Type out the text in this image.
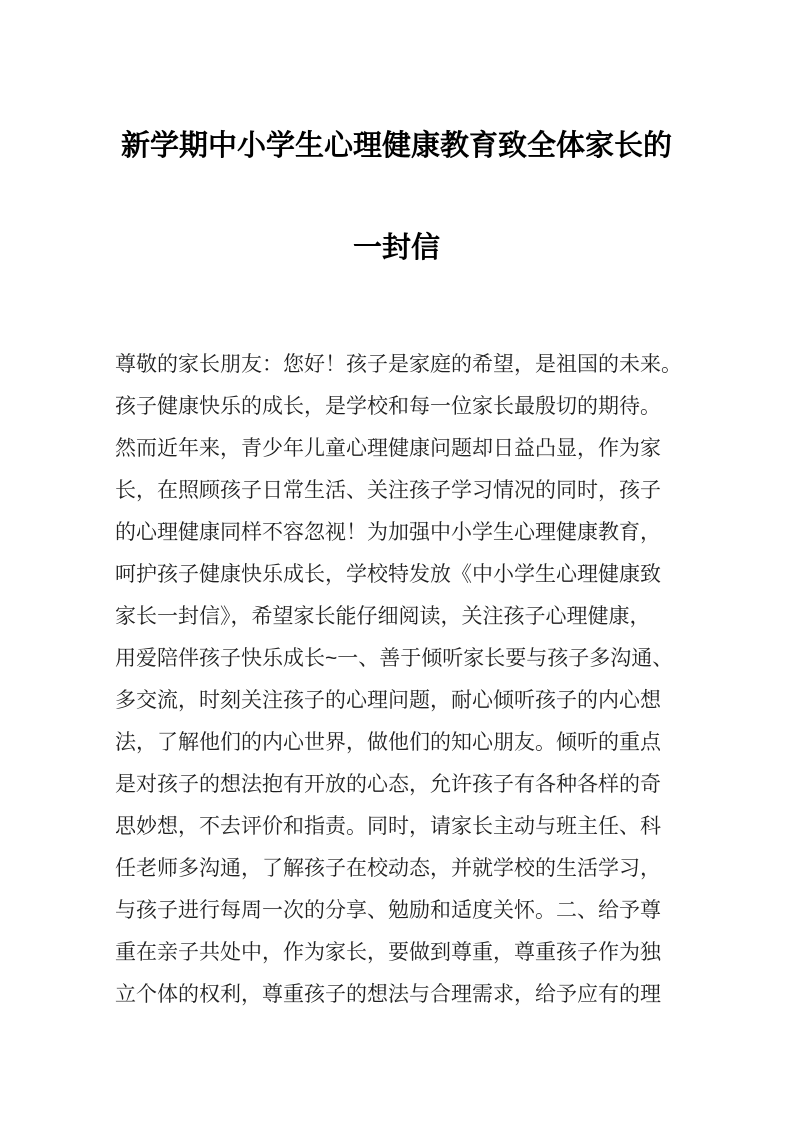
新学期中小学生心理健康教育致全体家长的
一封信
尊敬的家长朋友：您好！孩子是家庭的希望，是祖国的未来。
孩子健康快乐的成长，是学校和每一位家长最殷切的期待。
然而近年来，青少年儿童心理健康问题却日益凸显，作为家
长，在照顾孩子日常生活、关注孩子学习情况的同时，孩子
的心理健康同样不容忽视！为加强中小学生心理健康教育，
呵护孩子健康快乐成长，学校特发放《中小学生心理健康致
家长一封信》，希望家长能仔细阅读，关注孩子心理健康，
用爱陪伴孩子快乐成长~一、善于倾听家长要与孩子多沟通、
多交流，时刻关注孩子的心理问题，耐心倾听孩子的内心想
法，了解他们的内心世界，做他们的知心朋友。倾听的重点
是对孩子的想法抱有开放的心态，允许孩子有各种各样的奇
思妙想，不去评价和指责。同时，请家长主动与班主任、科
任老师多沟通，了解孩子在校动态，并就学校的生活学习，
与孩子进行每周一次的分享、勉励和适度关怀。二、给予尊
重在亲子共处中，作为家长，要做到尊重，尊重孩子作为独
立个体的权利，尊重孩子的想法与合理需求，给予应有的理
